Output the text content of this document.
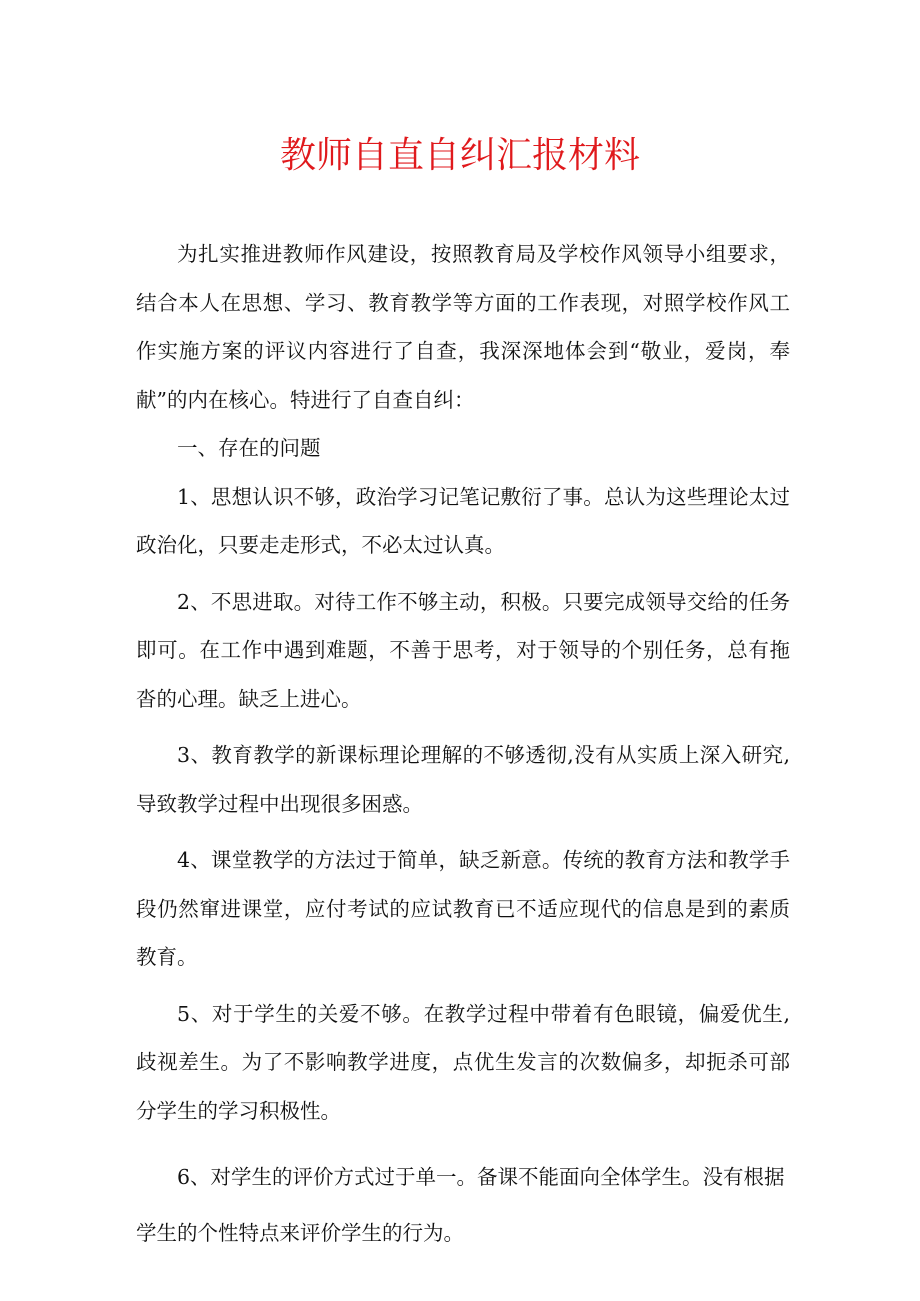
教师自直自纠汇报材料

为扎实推进教师作风建设，按照教育局及学校作风领导小组要求，结合本人在思想、学习、教育教学等方面的工作表现，对照学校作风工作实施方案的评议内容进行了自查，我深深地体会到“敬业，爱岗，奉献”的内在核心。特进行了自查自纠：

一、存在的问题

1、思想认识不够，政治学习记笔记敷衍了事。总认为这些理论太过政治化，只要走走形式，不必太过认真。

2、不思进取。对待工作不够主动，积极。只要完成领导交给的任务即可。在工作中遇到难题，不善于思考，对于领导的个别任务，总有拖沓的心理。缺乏上进心。

3、教育教学的新课标理论理解的不够透彻,没有从实质上深入研究,导致教学过程中出现很多困惑。

4、课堂教学的方法过于简单，缺乏新意。传统的教育方法和教学手段仍然窜进课堂，应付考试的应试教育已不适应现代的信息是到的素质教育。

5、对于学生的关爱不够。在教学过程中带着有色眼镜，偏爱优生,歧视差生。为了不影响教学进度，点优生发言的次数偏多，却扼杀可部分学生的学习积极性。

6、对学生的评价方式过于单一。备课不能面向全体学生。没有根据
学生的个性特点来评价学生的行为。
